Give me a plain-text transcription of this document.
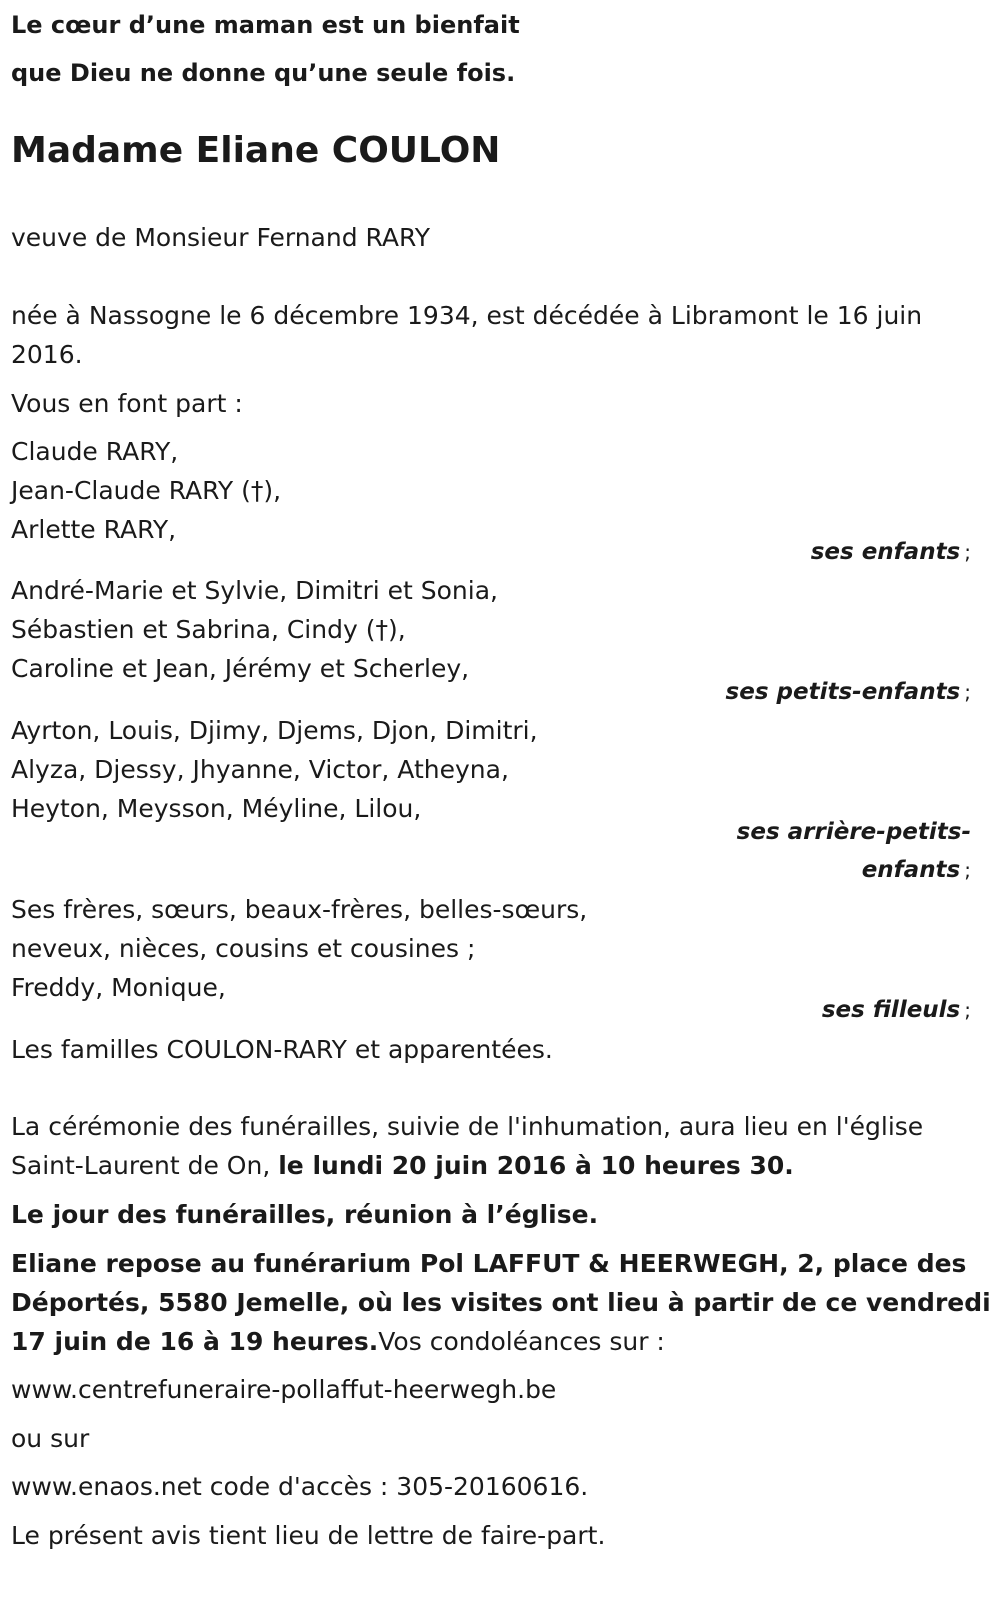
Le cœur d’une maman est un bienfait
que Dieu ne donne qu’une seule fois.
Madame Eliane COULON
veuve de Monsieur Fernand RARY
née à Nassogne le 6 décembre 1934, est décédée à Libramont le 16 juin
2016.
Vous en font part :
Claude RARY,
Jean-Claude RARY (†),
Arlette RARY,
ses enfants ;
André-Marie et Sylvie, Dimitri et Sonia,
Sébastien et Sabrina, Cindy (†),
Caroline et Jean, Jérémy et Scherley,
ses petits-enfants ;
Ayrton, Louis, Djimy, Djems, Djon, Dimitri,
Alyza, Djessy, Jhyanne, Victor, Atheyna,
Heyton, Meysson, Méyline, Lilou,
ses arrière-petits-
enfants ;
Ses frères, sœurs, beaux-frères, belles-sœurs,
neveux, nièces, cousins et cousines ;
Freddy, Monique,
ses filleuls ;
Les familles COULON-RARY et apparentées.
La cérémonie des funérailles, suivie de l'inhumation, aura lieu en l'église
Saint-Laurent de On, le lundi 20 juin 2016 à 10 heures 30.
Le jour des funérailles, réunion à l’église.
Eliane repose au funérarium Pol LAFFUT & HEERWEGH, 2, place des
Déportés, 5580 Jemelle, où les visites ont lieu à partir de ce vendredi
17 juin de 16 à 19 heures.Vos condoléances sur :
www.centrefuneraire-pollaffut-heerwegh.be
ou sur
www.enaos.net code d'accès : 305-20160616.
Le présent avis tient lieu de lettre de faire-part.
